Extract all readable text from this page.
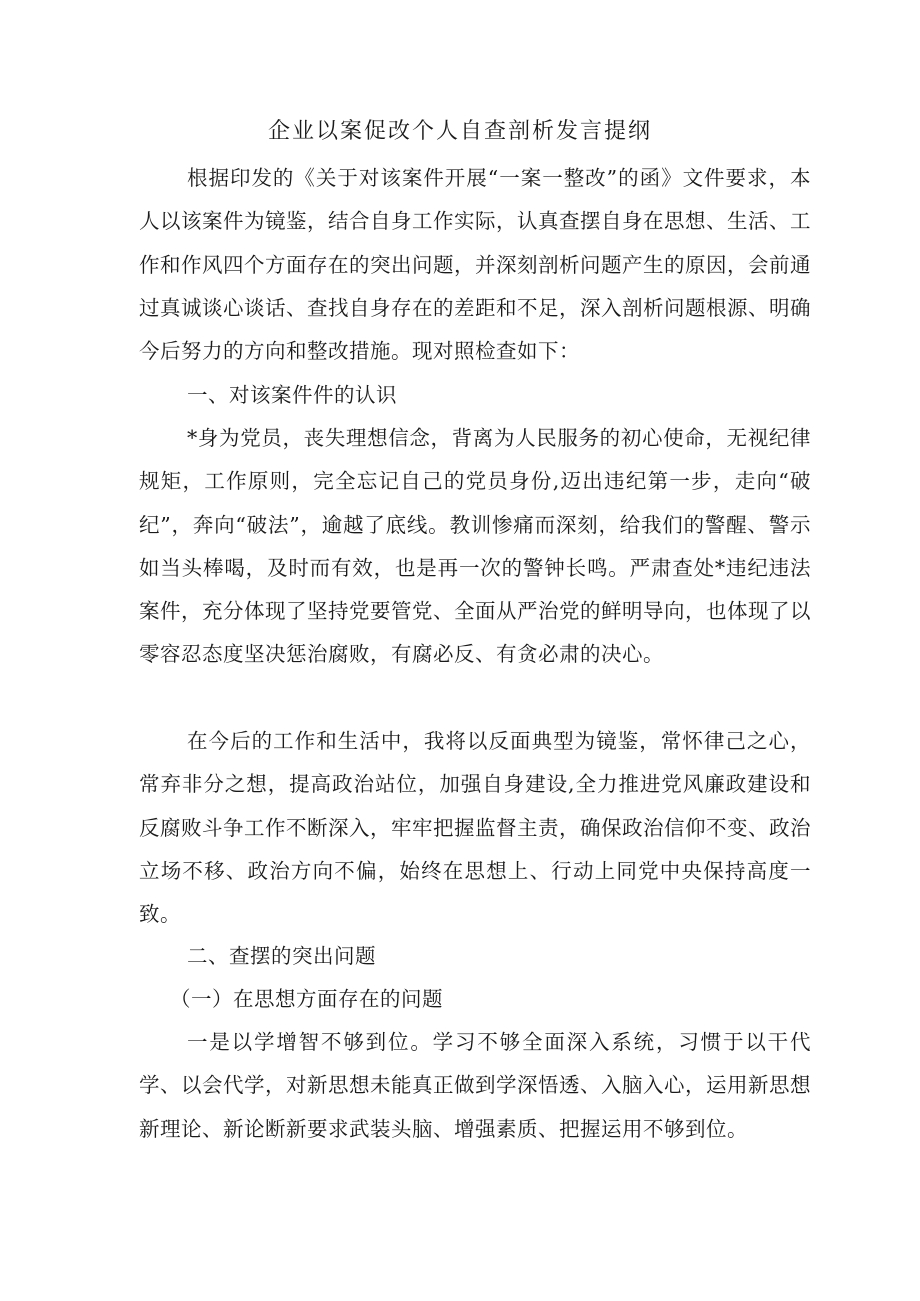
企业以案促改个人自查剖析发言提纲

根据印发的《关于对该案件开展“一案一整改”的函》文件要求，本人以该案件为镜鉴，结合自身工作实际，认真查摆自身在思想、生活、工作和作风四个方面存在的突出问题，并深刻剖析问题产生的原因，会前通过真诚谈心谈话、查找自身存在的差距和不足，深入剖析问题根源、明确今后努力的方向和整改措施。现对照检查如下：

一、对该案件件的认识

*身为党员，丧失理想信念，背离为人民服务的初心使命，无视纪律规矩，工作原则，完全忘记自己的党员身份,迈出违纪第一步，走向“破纪”，奔向“破法”，逾越了底线。教训惨痛而深刻，给我们的警醒、警示如当头棒喝，及时而有效，也是再一次的警钟长鸣。严肃查处*违纪违法案件，充分体现了坚持党要管党、全面从严治党的鲜明导向，也体现了以零容忍态度坚决惩治腐败，有腐必反、有贪必肃的决心。

在今后的工作和生活中，我将以反面典型为镜鉴，常怀律己之心，常弃非分之想，提高政治站位，加强自身建设,全力推进党风廉政建设和反腐败斗争工作不断深入，牢牢把握监督主责，确保政治信仰不变、政治立场不移、政治方向不偏，始终在思想上、行动上同党中央保持高度一致。

二、查摆的突出问题
（一）在思想方面存在的问题

一是以学增智不够到位。学习不够全面深入系统，习惯于以干代学、以会代学，对新思想未能真正做到学深悟透、入脑入心，运用新思想新理论、新论断新要求武装头脑、增强素质、把握运用不够到位。
